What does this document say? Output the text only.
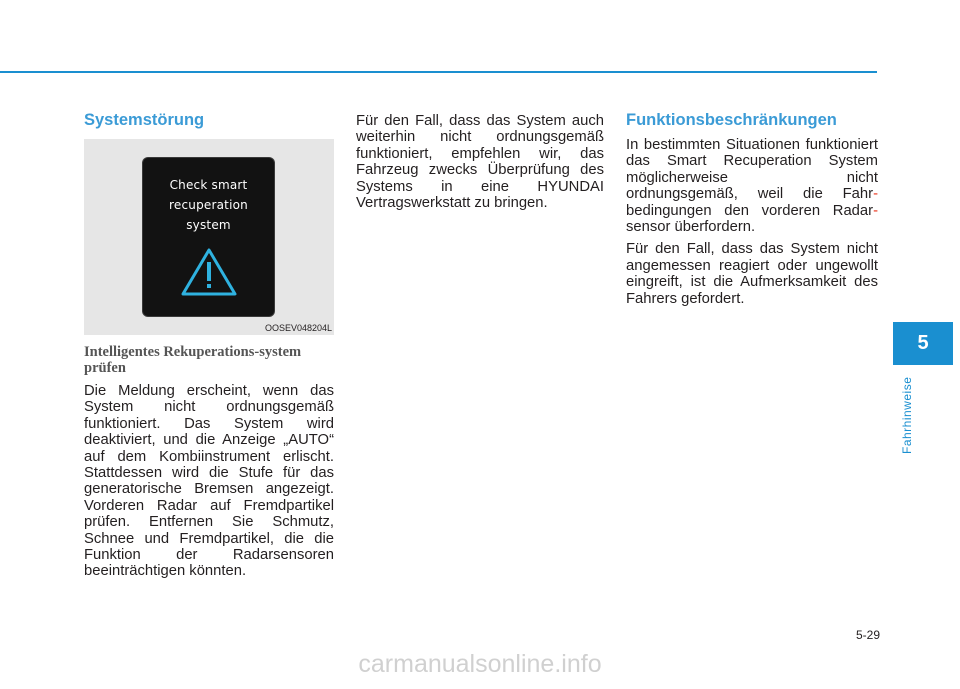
Systemstörung
Check smart
recuperation
system
OOSEV048204L
Intelligentes Rekuperations-system prüfen

Die Meldung erscheint, wenn das System nicht ordnungsgemäß funktioniert. Das System wird deaktiviert, und die Anzeige „AUTO“ auf dem Kombiinstrument erlischt. Stattdessen wird die Stufe für das generatorische Bremsen angezeigt. Vorderen Radar auf Fremdpartikel prüfen. Entfernen Sie Schmutz, Schnee und Fremdpartikel, die die Funktion der Radarsensoren beeinträchtigen könnten.

Für den Fall, dass das System auch weiterhin nicht ordnungsgemäß funktioniert, empfehlen wir, das Fahrzeug zwecks Überprüfung des Systems in eine HYUNDAI Vertragswerkstatt zu bringen.

Funktionsbeschränkungen

In bestimmten Situationen funktioniert das Smart Recuperation System möglicherweise nicht ordnungsgemäß, weil die Fahr- bedingungen den vorderen Radar- sensor überfordern.

Für den Fall, dass das System nicht angemessen reagiert oder ungewollt eingreift, ist die Aufmerksamkeit des Fahrers gefordert.

5
Fahrhinweise
5-29
carmanualsonline.info
